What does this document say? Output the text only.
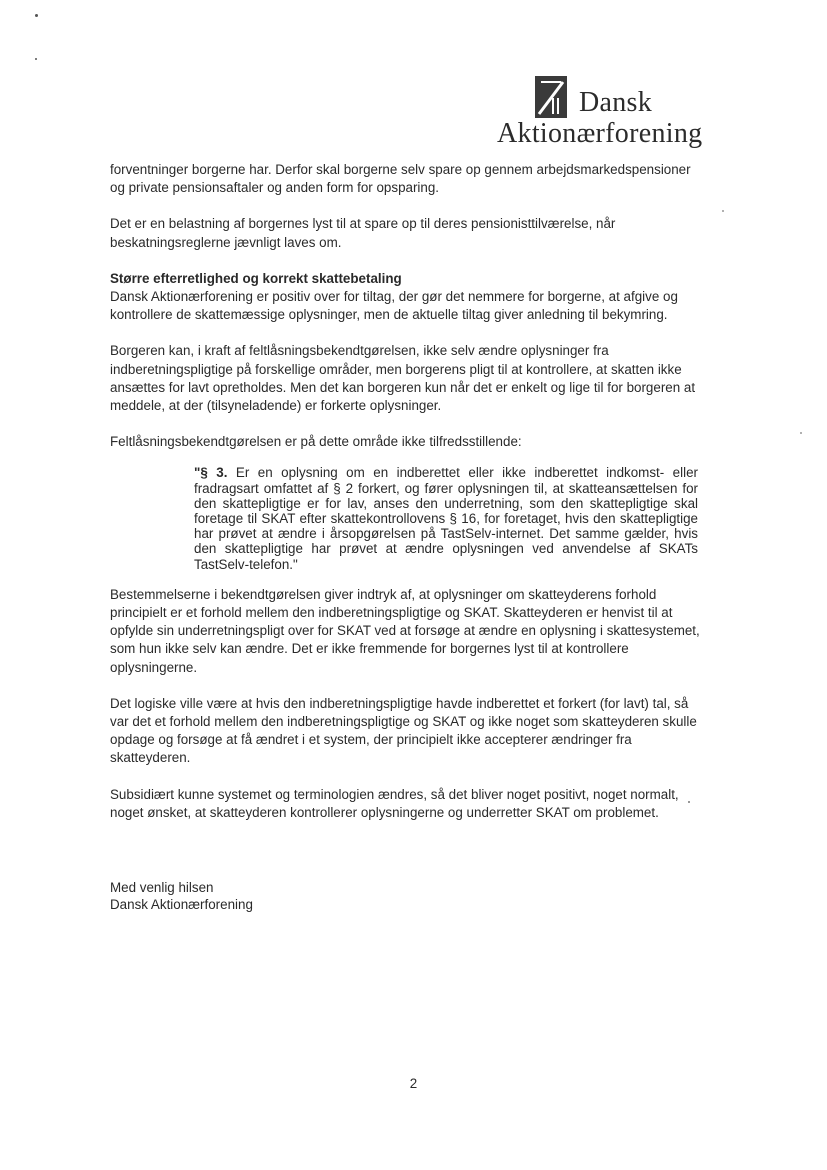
Dansk
Aktionærforening

forventninger borgerne har. Derfor skal borgerne selv spare op gennem arbejdsmarkedspensioner og private pensionsaftaler og anden form for opsparing.

Det er en belastning af borgernes lyst til at spare op til deres pensionisttilværelse, når beskatningsreglerne jævnligt laves om.

Større efterretlighed og korrekt skattebetaling

Dansk Aktionærforening er positiv over for tiltag, der gør det nemmere for borgerne, at afgive og kontrollere de skattemæssige oplysninger, men de aktuelle tiltag giver anledning til bekymring.

Borgeren kan, i kraft af feltlåsningsbekendtgørelsen, ikke selv ændre oplysninger fra indberetningspligtige på forskellige områder, men borgerens pligt til at kontrollere, at skatten ikke ansættes for lavt opretholdes. Men det kan borgeren kun når det er enkelt og lige til for borgeren at meddele, at der (tilsyneladende) er forkerte oplysninger.

Feltlåsningsbekendtgørelsen er på dette område ikke tilfredsstillende:

"§ 3. Er en oplysning om en indberettet eller ikke indberettet indkomst- eller fradragsart omfattet af § 2 forkert, og fører oplysningen til, at skatteansættelsen for den skattepligtige er for lav, anses den underretning, som den skattepligtige skal foretage til SKAT efter skattekontrollovens § 16, for foretaget, hvis den skattepligtige har prøvet at ændre i årsopgørelsen på TastSelv-internet. Det samme gælder, hvis den skattepligtige har prøvet at ændre oplysningen ved anvendelse af SKATs TastSelv-telefon."

Bestemmelserne i bekendtgørelsen giver indtryk af, at oplysninger om skatteyderens forhold principielt er et forhold mellem den indberetningspligtige og SKAT. Skatteyderen er henvist til at opfylde sin underretningspligt over for SKAT ved at forsøge at ændre en oplysning i skattesystemet, som hun ikke selv kan ændre. Det er ikke fremmende for borgernes lyst til at kontrollere oplysningerne.

Det logiske ville være at hvis den indberetningspligtige havde indberettet et forkert (for lavt) tal, så var det et forhold mellem den indberetningspligtige og SKAT og ikke noget som skatteyderen skulle opdage og forsøge at få ændret i et system, der principielt ikke accepterer ændringer fra skatteyderen.

Subsidiært kunne systemet og terminologien ændres, så det bliver noget positivt, noget normalt, noget ønsket, at skatteyderen kontrollerer oplysningerne og underretter SKAT om problemet.

Med venlig hilsen
Dansk Aktionærforening
2
